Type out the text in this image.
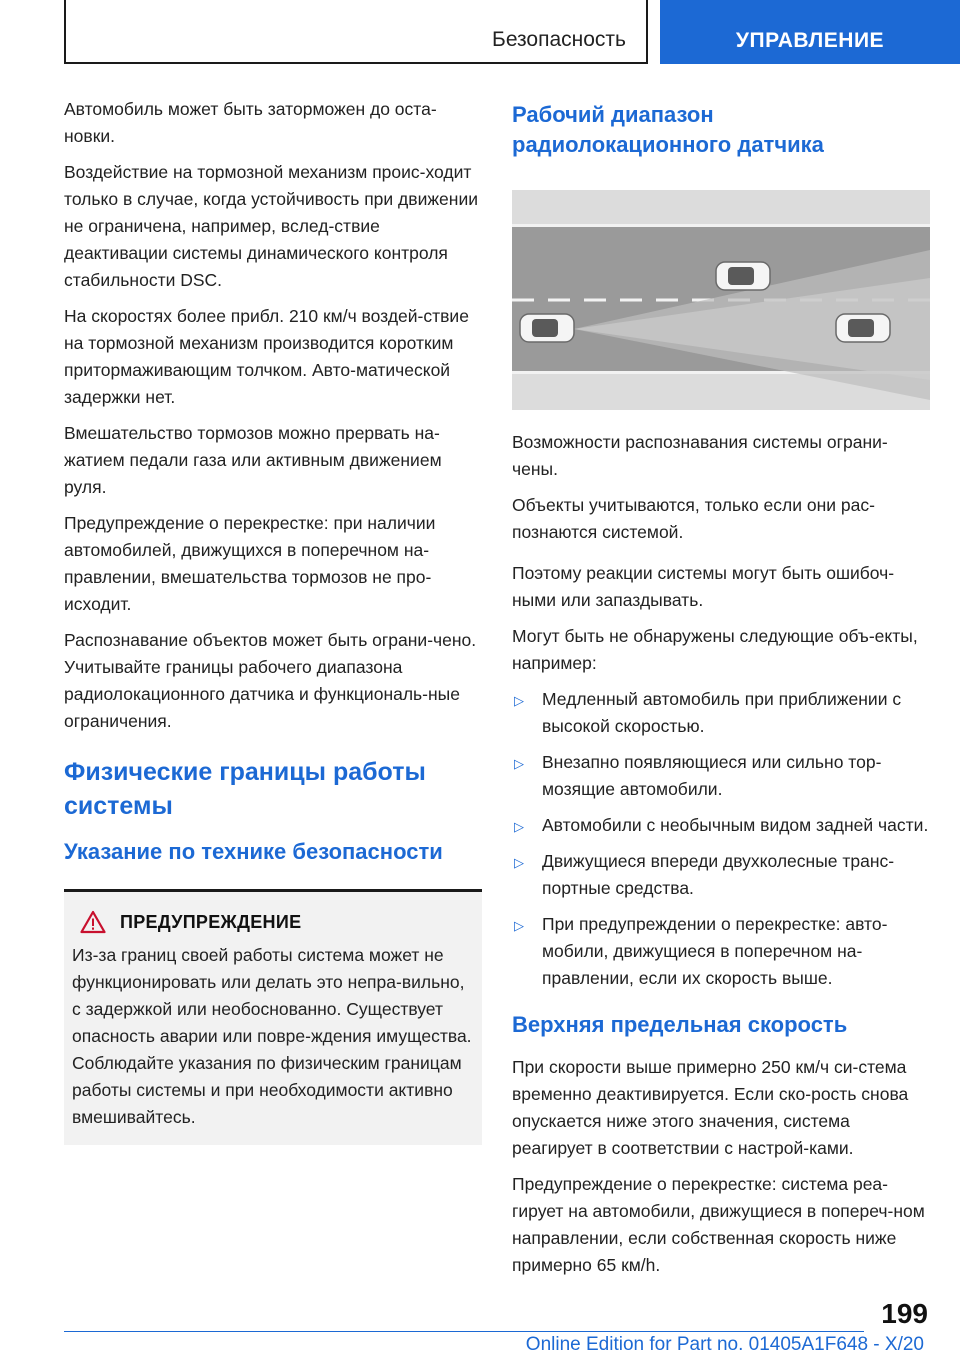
Безопасность	УПРАВЛЕНИЕ

Автомобиль может быть заторможен до оста-новки.

Воздействие на тормозной механизм проис-ходит только в случае, когда устойчивость при движении не ограничена, например, вслед-ствие деактивации системы динамического контроля стабильности DSC.

На скоростях более прибл. 210 км/ч воздей-ствие на тормозной механизм производится коротким притормаживающим толчком. Авто-матической задержки нет.

Вмешательство тормозов можно прервать на-жатием педали газа или активным движением руля.

Предупреждение о перекрестке: при наличии автомобилей, движущихся в поперечном на-правлении, вмешательства тормозов не про-исходит.

Распознавание объектов может быть ограни-чено. Учитывайте границы рабочего диапазона радиолокационного датчика и функциональ-ные ограничения.

Физические границы работы системы
Указание по технике безопасности
ПРЕДУПРЕЖДЕНИЕ

Из-за границ своей работы система может не функционировать или делать это непра-вильно, с задержкой или необоснованно. Существует опасность аварии или повре-ждения имущества. Соблюдайте указания по физическим границам работы системы и при необходимости активно вмешивайтесь.

Рабочий диапазон радиолокационного датчика

Возможности распознавания системы ограни-чены.

Объекты учитываются, только если они рас-познаются системой.

Поэтому реакции системы могут быть ошибоч-ными или запаздывать.

Могут быть не обнаружены следующие объ-екты, например:

▷ Медленный автомобиль при приближении с высокой скоростью.
▷ Внезапно появляющиеся или сильно тор-мозящие автомобили.
▷ Автомобили с необычным видом задней части.
▷ Движущиеся впереди двухколесные транс-портные средства.
▷ При предупреждении о перекрестке: авто-мобили, движущиеся в поперечном на-правлении, если их скорость выше.
Верхняя предельная скорость

При скорости выше примерно 250 км/ч си-стема временно деактивируется. Если ско-рость снова опускается ниже этого значения, система реагирует в соответствии с настрой-ками.

Предупреждение о перекрестке: система реа-гирует на автомобили, движущиеся в попереч-ном направлении, если собственная скорость ниже примерно 65 км/h.

199
Online Edition for Part no. 01405A1F648 - X/20
